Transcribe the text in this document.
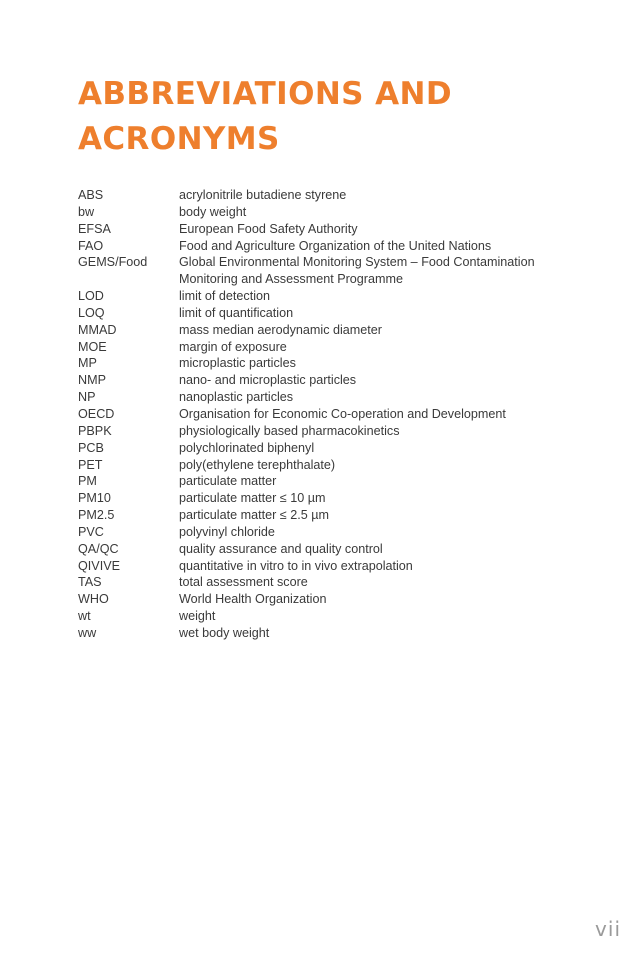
ABBREVIATIONS AND ACRONYMS
ABS	acrylonitrile butadiene styrene
bw	body weight
EFSA	European Food Safety Authority
FAO	Food and Agriculture Organization of the United Nations
GEMS/Food	Global Environmental Monitoring System – Food Contamination Monitoring and Assessment Programme
LOD	limit of detection
LOQ	limit of quantification
MMAD	mass median aerodynamic diameter
MOE	margin of exposure
MP	microplastic particles
NMP	nano- and microplastic particles
NP	nanoplastic particles
OECD	Organisation for Economic Co-operation and Development
PBPK	physiologically based pharmacokinetics
PCB	polychlorinated biphenyl
PET	poly(ethylene terephthalate)
PM	particulate matter
PM10	particulate matter ≤ 10 µm
PM2.5	particulate matter ≤ 2.5 µm
PVC	polyvinyl chloride
QA/QC	quality assurance and quality control
QIVIVE	quantitative in vitro to in vivo extrapolation
TAS	total assessment score
WHO	World Health Organization
wt	weight
ww	wet body weight
vii
